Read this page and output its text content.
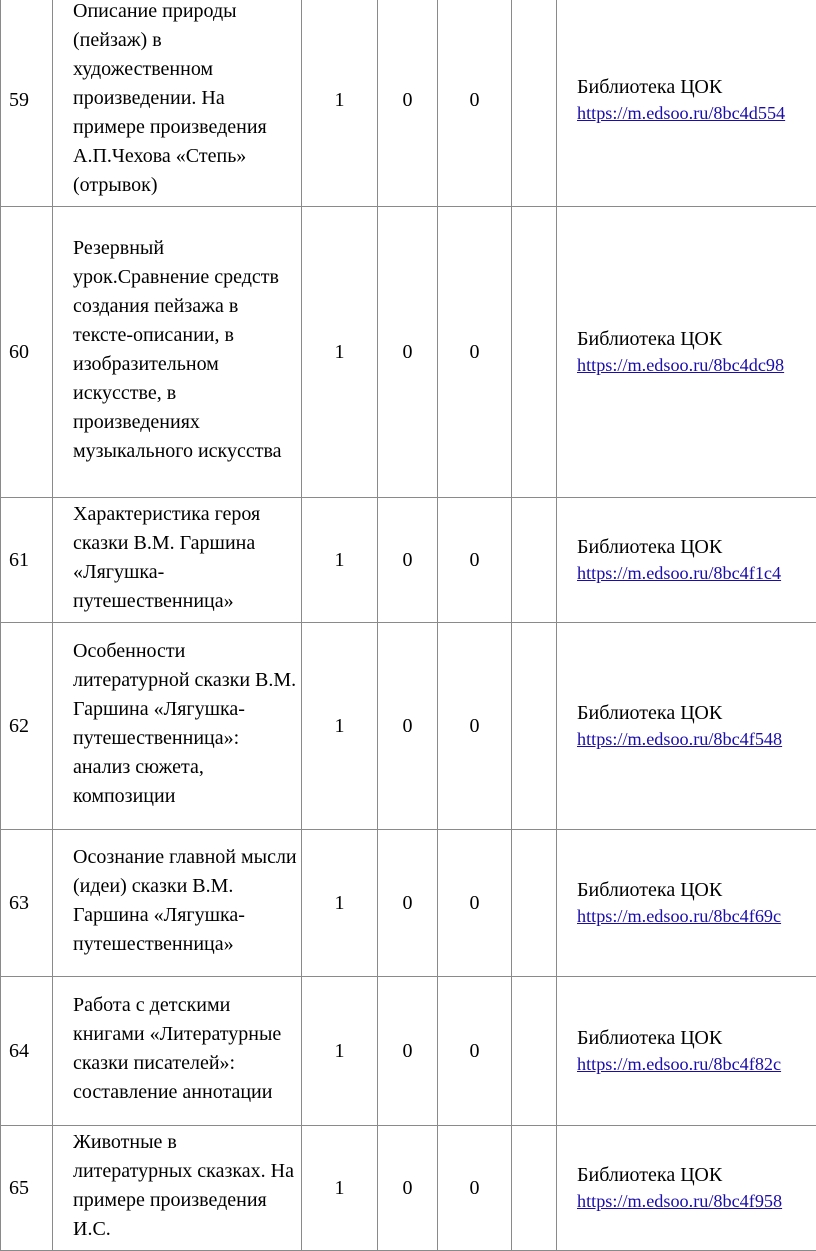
59	Описание природы (пейзаж) в художественном произведении. На примере произведения А.П.Чехова «Степь» (отрывок)	1	0	0		Библиотека ЦОК
https://m.edsoo.ru/8bc4d554

60	Резервный урок.Сравнение средств создания пейзажа в тексте-описании, в изобразительном искусстве, в произведениях музыкального искусства	1	0	0		Библиотека ЦОК
https://m.edsoo.ru/8bc4dc98

61	Характеристика героя сказки В.М. Гаршина «Лягушка-путешественница»	1	0	0		Библиотека ЦОК
https://m.edsoo.ru/8bc4f1c4

62	Особенности литературной сказки В.М. Гаршина «Лягушка-путешественница»: анализ сюжета, композиции	1	0	0		Библиотека ЦОК
https://m.edsoo.ru/8bc4f548

63	Осознание главной мысли (идеи) сказки В.М. Гаршина «Лягушка-путешественница»	1	0	0		Библиотека ЦОК
https://m.edsoo.ru/8bc4f69c

64	Работа с детскими книгами «Литературные сказки писателей»: составление аннотации	1	0	0		Библиотека ЦОК
https://m.edsoo.ru/8bc4f82c

65	Животные в литературных сказках. На примере произведения И.С.	1	0	0		Библиотека ЦОК
https://m.edsoo.ru/8bc4f958
